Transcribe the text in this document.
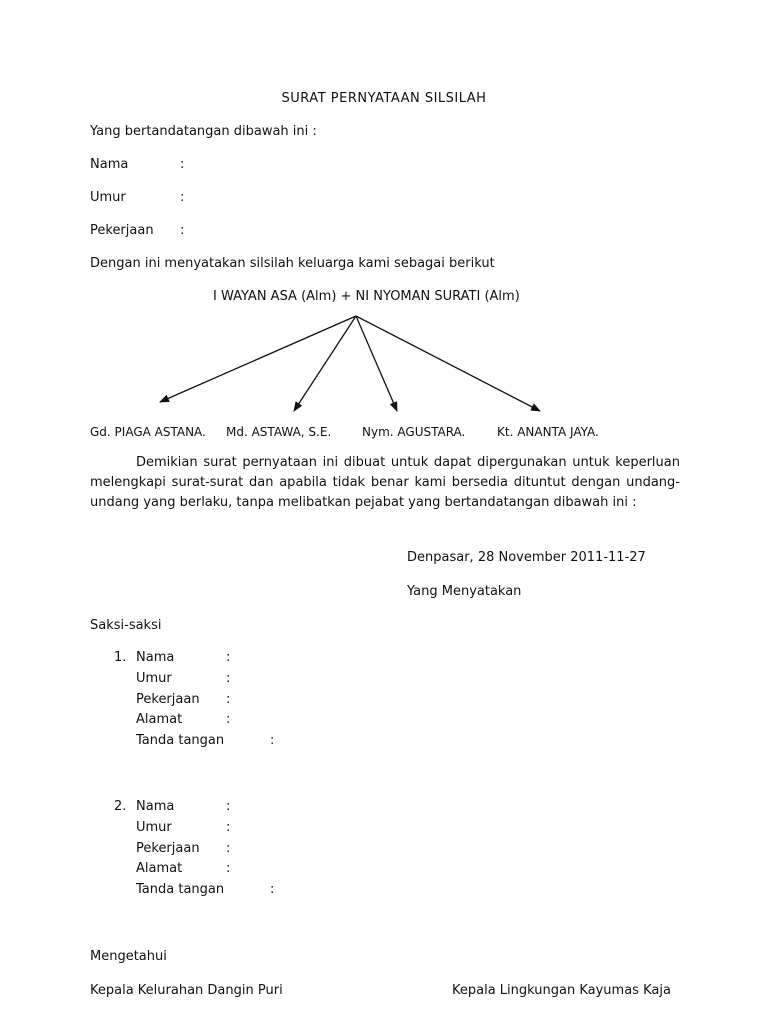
SURAT PERNYATAAN SILSILAH
Yang bertandatangan dibawah ini :
Nama	:
Umur	:
Pekerjaan :
Dengan ini menyatakan silsilah keluarga kami sebagai berikut
I WAYAN ASA (Alm) + NI NYOMAN SURATI (Alm)
Gd. PIAGA ASTANA. Md. ASTAWA, S.E.	Nym. AGUSTARA.	Kt. ANANTA JAYA.
Demikian surat pernyataan ini dibuat untuk dapat dipergunakan untuk keperluan melengkapi surat-surat dan apabila tidak benar kami bersedia dituntut dengan undang-undang yang berlaku, tanpa melibatkan pejabat yang bertandatangan dibawah ini :
Denpasar, 28 November 2011-11-27
Yang Menyatakan
Saksi-saksi
1. Nama	:
Umur	:
Pekerjaan :
Alamat	:
Tanda tangan	:
2. Nama	:
Umur	:
Pekerjaan :
Alamat	:
Tanda tangan	:
Mengetahui
Kepala Kelurahan Dangin Puri	Kepala Lingkungan Kayumas Kaja
